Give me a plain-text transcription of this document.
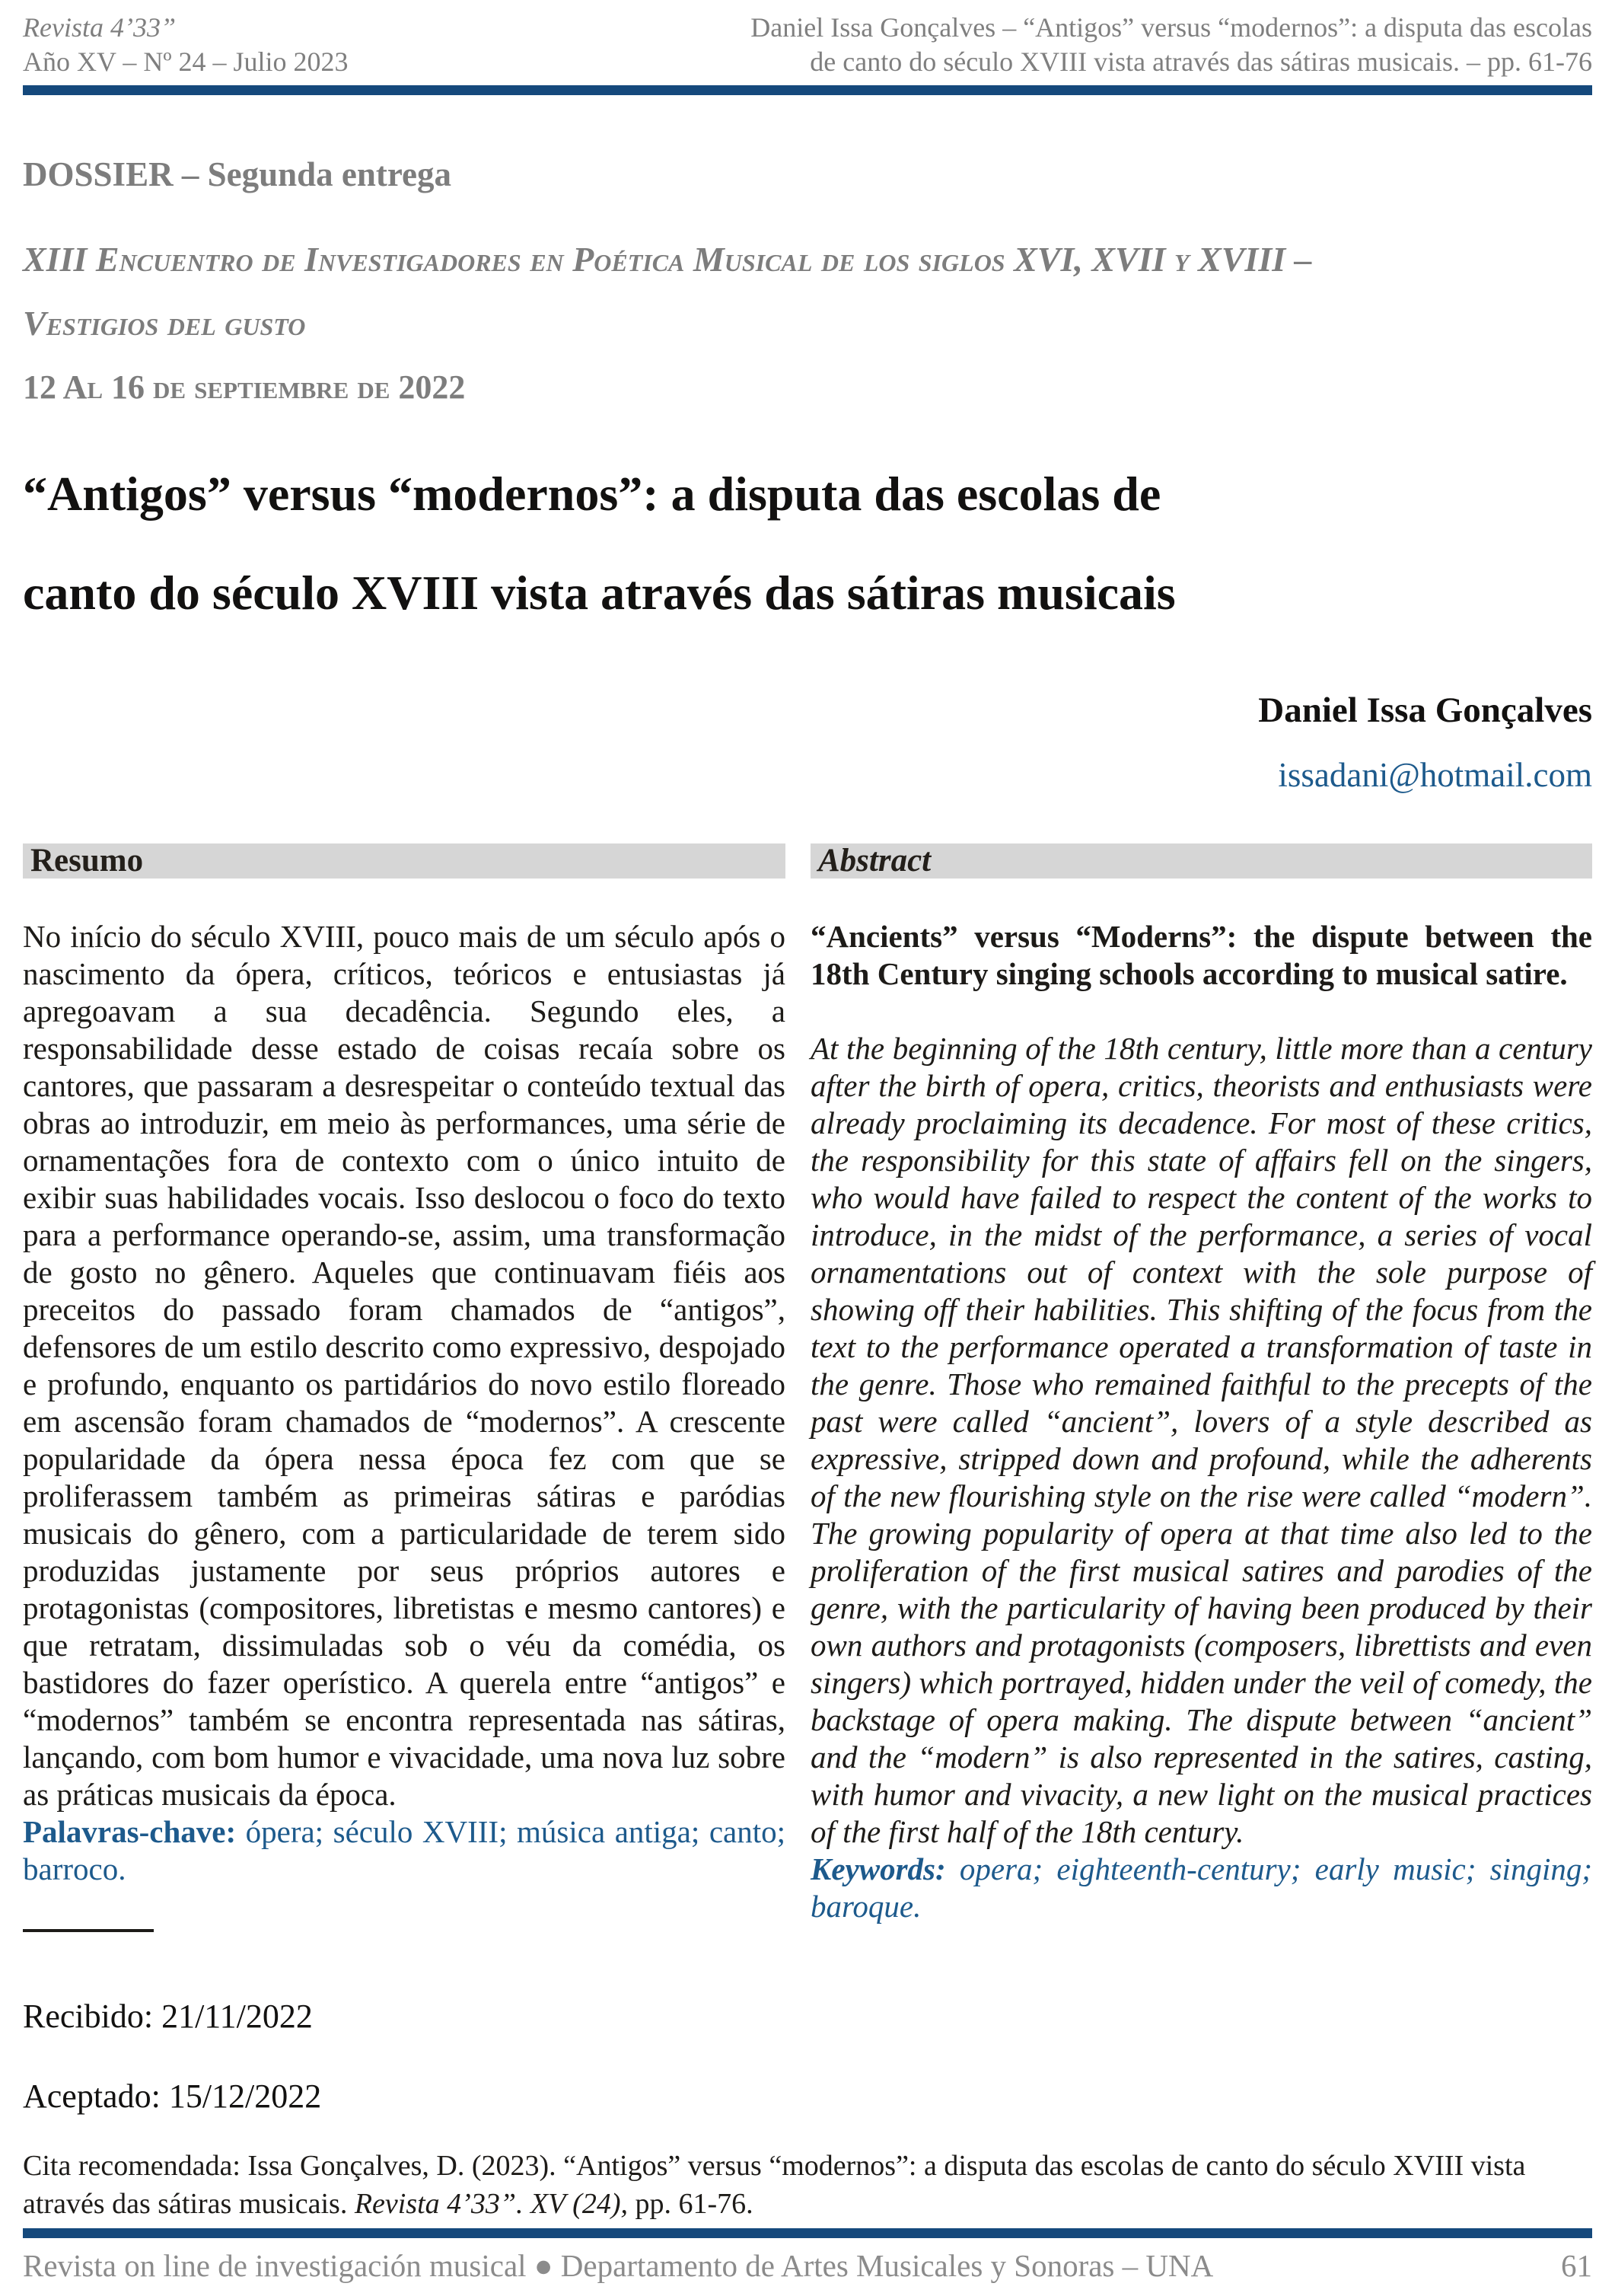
Revista 4’33”
Año XV – Nº 24 – Julio 2023
Daniel Issa Gonçalves – “Antigos” versus “modernos”: a disputa das escolas
de canto do século XVIII vista através das sátiras musicais. – pp. 61-76
DOSSIER – Segunda entrega
XIII Encuentro de Investigadores en Poética Musical de los siglos XVI, XVII y XVIII –
Vestigios del gusto
12 Al 16 de septiembre de 2022
“Antigos” versus “modernos”: a disputa das escolas de
canto do século XVIII vista através das sátiras musicais
Daniel Issa Gonçalves
issadani@hotmail.com
Resumo

No início do século XVIII, pouco mais de um século após o nascimento da ópera, críticos, teóricos e entusiastas já apregoavam a sua decadência. Segundo eles, a responsabilidade desse estado de coisas recaía sobre os cantores, que passaram a desrespeitar o conteúdo textual das obras ao introduzir, em meio às performances, uma série de ornamentações fora de contexto com o único intuito de exibir suas habilidades vocais. Isso deslocou o foco do texto para a performance operando-se, assim, uma transformação de gosto no gênero. Aqueles que continuavam fiéis aos preceitos do passado foram chamados de “antigos”, defensores de um estilo descrito como expressivo, despojado e profundo, enquanto os partidários do novo estilo floreado em ascensão foram chamados de “modernos”. A crescente popularidade da ópera nessa época fez com que se proliferassem também as primeiras sátiras e paródias musicais do gênero, com a particularidade de terem sido produzidas justamente por seus próprios autores e protagonistas (compositores, libretistas e mesmo cantores) e que retratam, dissimuladas sob o véu da comédia, os bastidores do fazer operístico. A querela entre “antigos” e “modernos” também se encontra representada nas sátiras, lançando, com bom humor e vivacidade, uma nova luz sobre as práticas musicais da época.

Palavras-chave: ópera; século XVIII; música antiga; canto; barroco.

Recibido: 21/11/2022
Aceptado: 15/12/2022
Abstract

“Ancients” versus “Moderns”: the dispute between the 18th Century singing schools according to musical satire.

At the beginning of the 18th century, little more than a century after the birth of opera, critics, theorists and enthusiasts were already proclaiming its decadence. For most of these critics, the responsibility for this state of affairs fell on the singers, who would have failed to respect the content of the works to introduce, in the midst of the performance, a series of vocal ornamentations out of context with the sole purpose of showing off their habilities. This shifting of the focus from the text to the performance operated a transformation of taste in the genre. Those who remained faithful to the precepts of the past were called “ancient”, lovers of a style described as expressive, stripped down and profound, while the adherents of the new flourishing style on the rise were called “modern”. The growing popularity of opera at that time also led to the proliferation of the first musical satires and parodies of the genre, with the particularity of having been produced by their own authors and protagonists (composers, librettists and even singers) which portrayed, hidden under the veil of comedy, the backstage of opera making. The dispute between “ancient” and the “modern” is also represented in the satires, casting, with humor and vivacity, a new light on the musical practices of the first half of the 18th century.

Keywords: opera; eighteenth-century; early music; singing; baroque.

Cita recomendada: Issa Gonçalves, D. (2023). “Antigos” versus “modernos”: a disputa das escolas de canto do século XVIII vista através das sátiras musicais. Revista 4’33”. XV (24), pp. 61-76.
Revista on line de investigación musical ● Departamento de Artes Musicales y Sonoras – UNA	61
